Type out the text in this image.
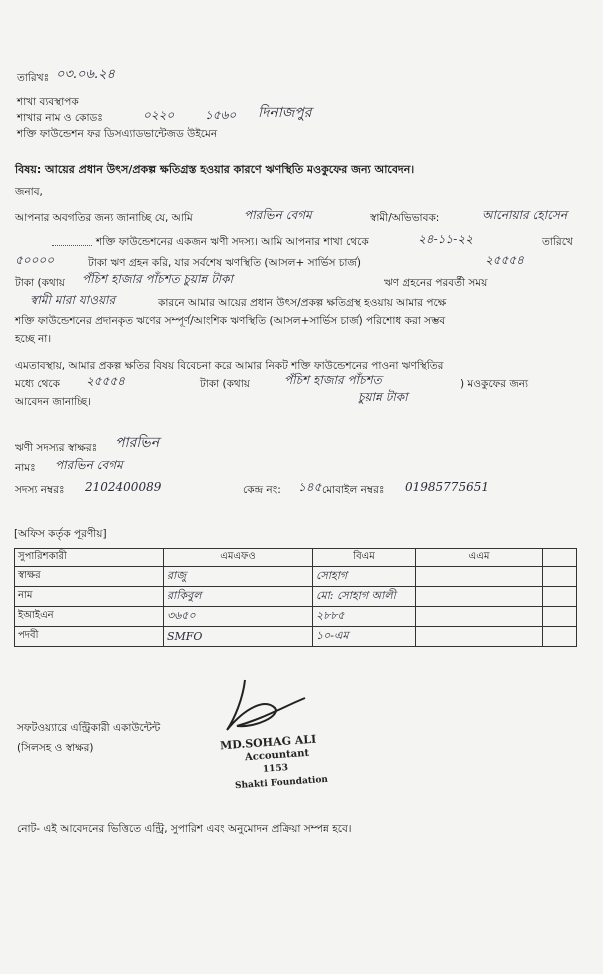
তারিখঃ ০৩.০৬.২৪
শাখা ব্যবস্থাপক
শাখার নাম ও কোডঃ	০২২০	১৫৬০ দিনাজপুর
শক্তি ফাউন্ডেশন ফর ডিসএ্যাডভান্টেজড উইমেন
বিষয়: আয়ের প্রধান উৎস/প্রকল্প ক্ষতিগ্রস্ত হওয়ার কারণে ঋণস্থিতি মওকুফের জন্য আবেদন।
জনাব,
আপনার অবগতির জন্য জানাচ্ছি যে, আমি	পারভিন বেগম	স্বামী/অভিভাবক:	আনোয়ার হোসেন
শক্তি ফাউন্ডেশনের একজন ঋণী সদস্য। আমি আপনার শাখা থেকে	২৪-১১-২২	তারিখে
৫০০০০	টাকা ঋণ গ্রহন করি, যার সর্বশেষ ঋণস্থিতি (আসল+ সার্ভিস চার্জ)	২৫৫৫৪
টাকা (কথায় পঁচিশ হাজার পাঁচশত চুয়ান্ন টাকা	ঋণ গ্রহনের পরবর্তী সময়
স্বামী মারা যাওয়ার	কারনে আমার আয়ের প্রধান উৎস/প্রকল্প ক্ষতিগ্রস্থ হওয়ায় আমার পক্ষে
শক্তি ফাউন্ডেশনের প্রদানকৃত ঋণের সম্পূর্ণ/আংশিক ঋণস্থিতি (আসল+সার্ভিস চার্জ) পরিশোধ করা সম্ভব
হচ্ছে না।
এমতাবস্থায়, আমার প্রকল্প ক্ষতির বিষয় বিবেচনা করে আমার নিকট শক্তি ফাউন্ডেশনের পাওনা ঋণস্থিতির
মধ্যে থেকে ২৫৫৫৪	টাকা (কথায়	পঁচিশ হাজার পাঁচশত	) মওকুফের জন্য
আবেদন জানাচ্ছি।	চুয়ান্ন টাকা
ঋণী সদস্যর স্বাক্ষরঃ পারভিন
নামঃ পারভিন বেগম
সদস্য নম্বরঃ 2102400089	কেন্দ্র নং: ১৪৫ মোবাইল নম্বরঃ 01985775651
[অফিস কর্তৃক পূরণীয়]
সুপারিশকারী	এমএফও	বিএম	এএম	
স্বাক্ষর	রাজু	সোহাগ		
নাম	রাকিবুল	মো: সোহাগ আলী		
ইআইএন	৩৬৫০	২৮৮৫		
পদবী	SMFO	১০-এম		
সফটওয়্যারে এন্ট্রিকারী একাউন্টেন্ট
(সিলসহ ও স্বাক্ষর)	MD.SOHAG ALI
Accountant
1153
Shakti Foundation
নোট- এই আবেদনের ভিত্তিতে এন্ট্রি, সুপারিশ এবং অনুমোদন প্রক্রিয়া সম্পন্ন হবে।
